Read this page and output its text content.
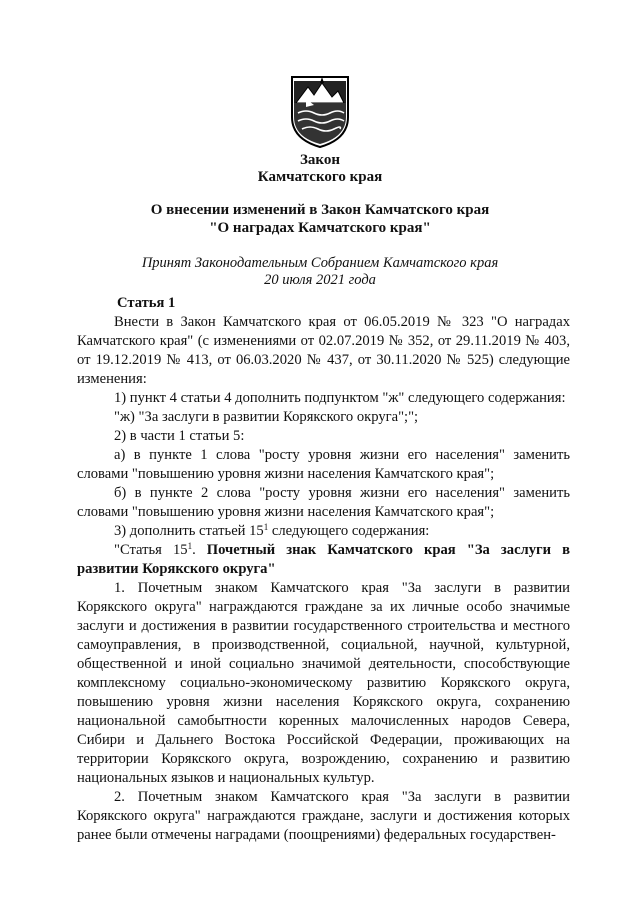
Закон
Камчатского края
О внесении изменений в Закон Камчатского края
"О наградах Камчатского края"
Принят Законодательным Собранием Камчатского края
20 июля 2021 года

Статья 1

Внести в Закон Камчатского края от 06.05.2019 № 323 "О наградах Камчатского края" (с изменениями от 02.07.2019 № 352, от 29.11.2019 № 403, от 19.12.2019 № 413, от 06.03.2020 № 437, от 30.11.2020 № 525) следующие изменения:

1) пункт 4 статьи 4 дополнить подпунктом "ж" следующего содержания:

"ж) "За заслуги в развитии Корякского округа";";

2) в части 1 статьи 5:

а) в пункте 1 слова "росту уровня жизни его населения" заменить словами "повышению уровня жизни населения Камчатского края";

б) в пункте 2 слова "росту уровня жизни его населения" заменить словами "повышению уровня жизни населения Камчатского края";

3) дополнить статьей $15^1$ следующего содержания:

"Статья $15^1$. Почетный знак Камчатского края "За заслуги в развитии Корякского округа"

1. Почетным знаком Камчатского края "За заслуги в развитии Корякского округа" награждаются граждане за их личные особо значимые заслуги и достижения в развитии государственного строительства и местного самоуправления, в производственной, социальной, научной, культурной, общественной и иной социально значимой деятельности, способствующие комплексному социально-экономическому развитию Корякского округа, повышению уровня жизни населения Корякского округа, сохранению национальной самобытности коренных малочисленных народов Севера, Сибири и Дальнего Востока Российской Федерации, проживающих на территории Корякского округа, возрождению, сохранению и развитию национальных языков и национальных культур.

2. Почетным знаком Камчатского края "За заслуги в развитии Корякского округа" награждаются граждане, заслуги и достижения которых ранее были отмечены наградами (поощрениями) федеральных государствен-
